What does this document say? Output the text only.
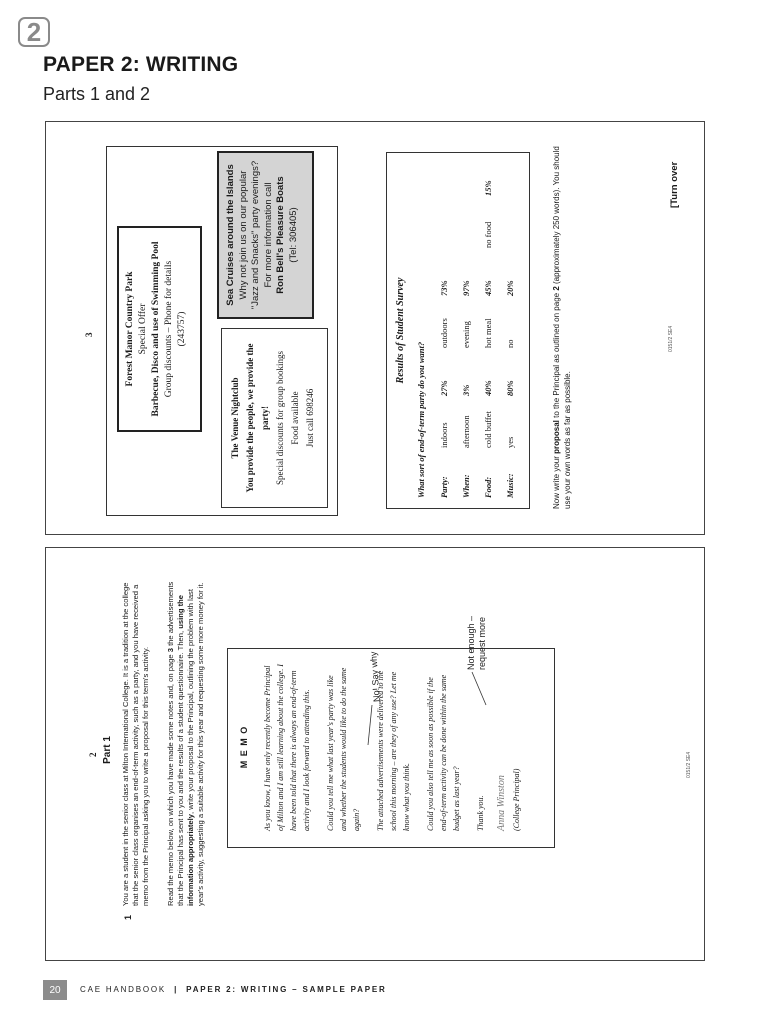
2
PAPER 2: WRITING
Parts 1 and 2
3	Forest Manor Country Park Special Offer Barbecue, Disco and use of Swimming Pool Group discounts – Phone for details (243757)
Sea Cruises around the Islands Why not join us on our popular "Jazz and Snacks" party evenings? For more information call Ron Bell's Pleasure Boats (Tel: 306405)
The Venue Nightclub You provide the people, we provide the party! Special discounts for group bookings Food available Just call 698246
Results of Student Survey
What sort of end-of-term party do you want? Party:	indoors	27%	outdoors	73%		
When:	afternoon	3%	evening	97%		
Food:	cold buffet	40%	hot meal	45%	no food	15%
Music:	yes	80%	no	20%		
Now write your proposal to the Principal as outlined on page 2 (approximately 250 words). You should
use your own words as far as possible.
0151/2 SE4
[Turn over
2 Part 1
1
You are a student in the senior class at Milton International College. It is a tradition at the college that the senior class organises an end-of-term activity, such as a party, and you have received a memo from the Principal asking you to write a proposal for this term's activity. Read the memo below, on which you have made some notes and, on page 3 the advertisements that the Principal has sent to you and the results of a student questionnaire. Then, using the information appropriately, write your proposal to the Principal, outlining the problem with last year's activity, suggesting a suitable activity for this year and requesting some more money for it.	M E M O As you know, I have only recently become Principal of Milton and I am still learning about the college. I have been told that there is always an end-of-term activity and I look forward to attending this. Could you tell me what last year's party was like and whether the students would like to do the same again? The attached advertisements were delivered to the school this morning – are they of any use? Let me know what you think. Could you also tell me as soon as possible if the end-of-term activity can be done within the same budget as last year? Thank you. Anna Winston (College Principal)
No! Say why
Not enough – request more
0151/2 SE4
20 CAE HANDBOOK | PAPER 2: WRITING – SAMPLE PAPER
